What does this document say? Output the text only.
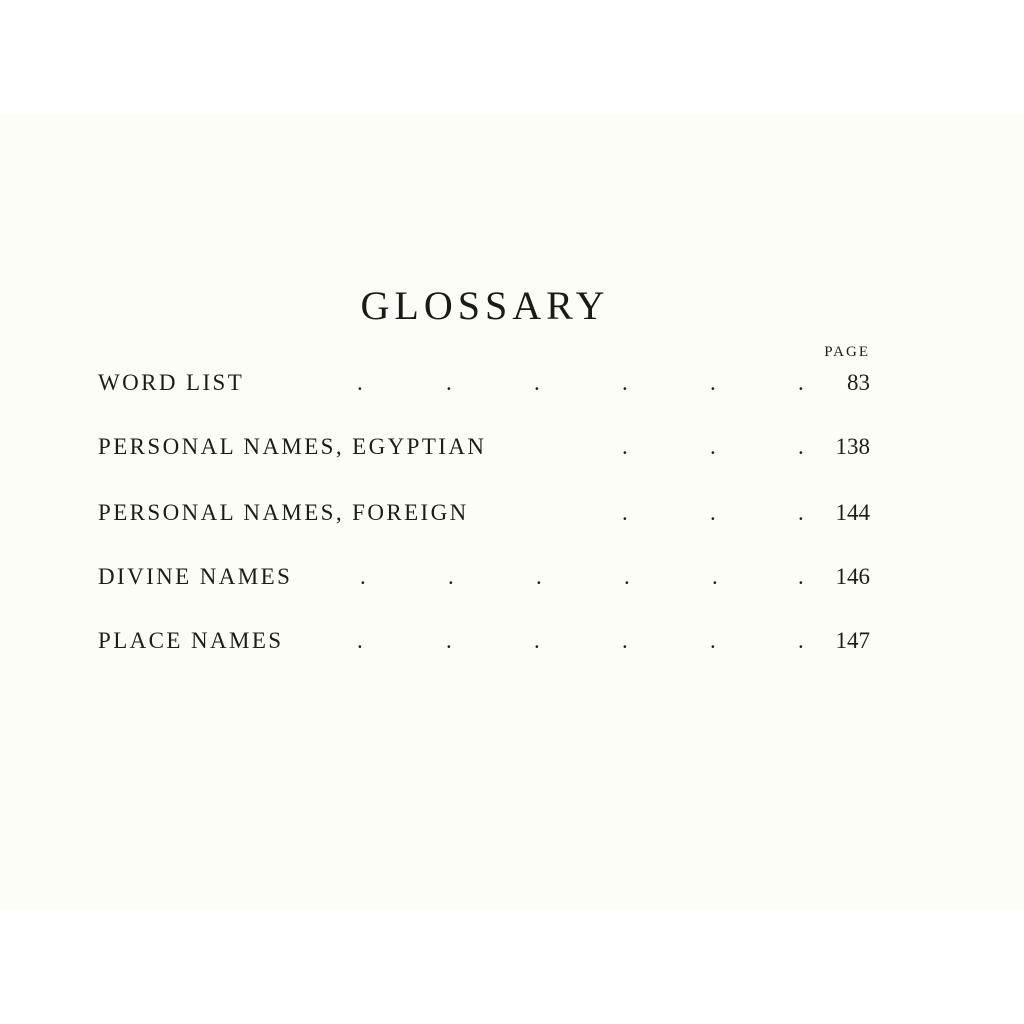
GLOSSARY
PAGE
WORD LIST	.	.	.	.	.	. 83
PERSONAL NAMES, EGYPTIAN	.	.	. 138
PERSONAL NAMES, FOREIGN	.	.	. 144
DIVINE NAMES	.	.	.	.	.	. 146
PLACE NAMES	.	.	.	.	.	. 147
